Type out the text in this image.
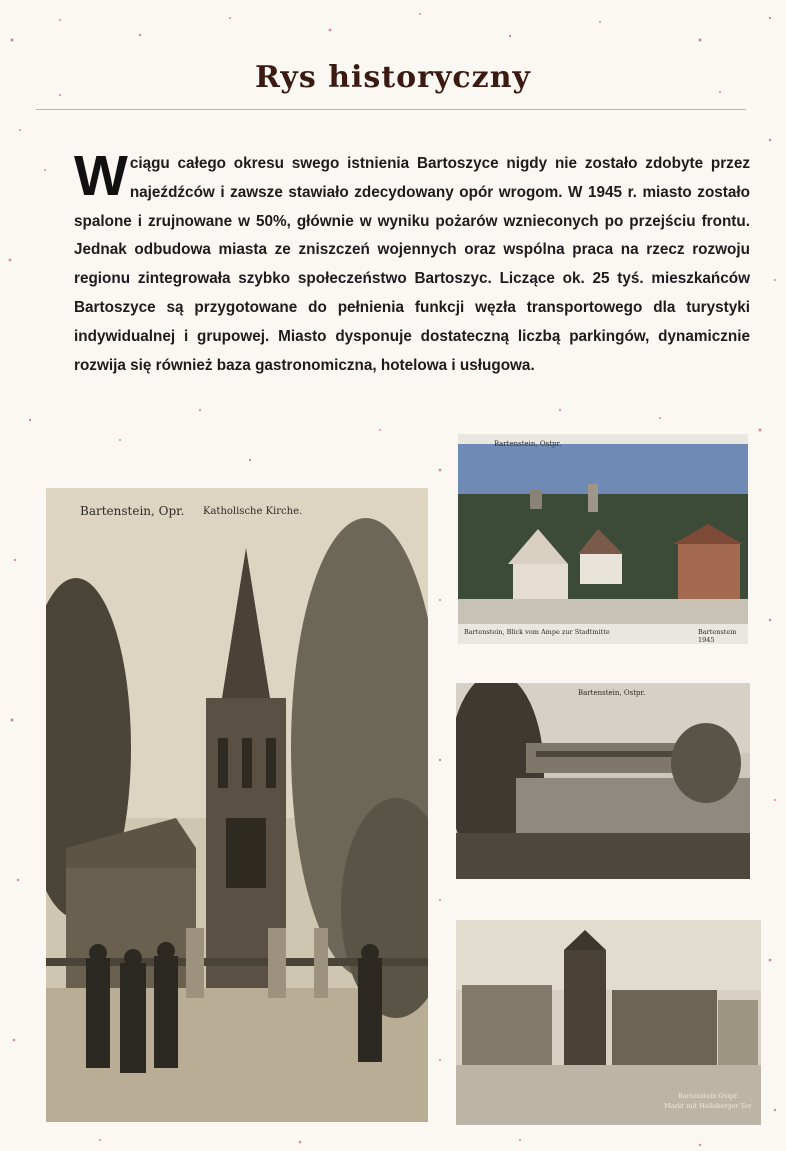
Rys historyczny

Wciągu całego okresu swego istnienia Bartoszyce nigdy nie zostało zdobyte przez najeźdźców i zawsze stawiało zdecydowany opór wrogom. W 1945 r. miasto zostało spalone i zrujnowane w 50%, głównie w wyniku pożarów wznieconych po przejściu frontu. Jednak odbudowa miasta ze zniszczeń wojennych oraz wspólna praca na rzecz rozwoju regionu zintegrowała szybko społeczeństwo Bartoszyc. Liczące ok. 25 tyś. mieszkańców Bartoszyce są przygotowane do pełnienia funkcji węzła transportowego dla turystyki indywidualnej i grupowej. Miasto dysponuje dostateczną liczbą parkingów, dynamicznie rozwija się również baza gastronomiczna, hotelowa i usługowa.

Bartenstein, Opr. Katholische Kirche.
Bartenstein, Ostpr.
Bartenstein, Blick vom Ampe zur Stadtmitte	Bartenstein 1945
Bartenstein, Ostpr.
Bartenstein Ostpr.
Markt mit Heilsberger Tor
